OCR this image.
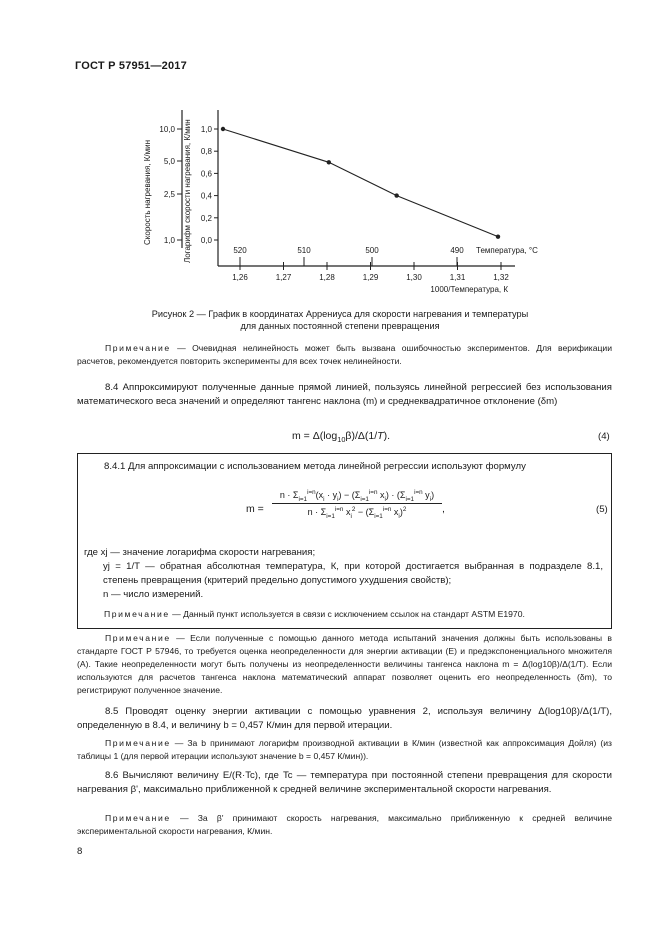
ГОСТ Р 57951—2017
10,0
5,0
2,5
1,0
1,0
0,8
0,6
0,4
0,2
0,0
Скорость нагревания, К/мин	Логарифм скорости нагревания, К/мин
1,26	1,27	1,28	1,29	1,30	1,31	1,32
1000/Температура, К
520	510	500	490 Температура, °С
Рисунок 2 — График в координатах Аррениуса для скорости нагревания и температуры
для данных постоянной степени превращения
Примечание — Очевидная нелинейность может быть вызвана ошибочностью экспериментов. Для верификации расчетов, рекомендуется повторить эксперименты для всех точек нелинейности.
8.4 Аппроксимируют полученные данные прямой линией, пользуясь линейной регрессией без использования математического веса значений и определяют тангенс наклона (m) и среднеквадратичное отклонение (δm)
$m = \Delta(\log_{10}\beta)/\Delta(1/T)$.	(4)
8.4.1 Для аппроксимации с использованием метода линейной регрессии используют формулу
m =
$n \cdot \Sigma_{i=1}^{i=n}(x_i \cdot y_i) - (\Sigma_{i=1}^{i=n}$ $x_i) \cdot (\Sigma_{i=1}^{i=n}$ $y_i$)
$n \cdot \Sigma_{i=1}^{i=n}$ $x_i^2 - (\Sigma_{i=1}^{i=n}$ $x_i)^2$	,	(5)
где xj — значение логарифма скорости нагревания;
yj = 1/T — обратная абсолютная температура, К, при которой достигается выбранная в подразделе 8.1, степень превращения (критерий предельно допустимого ухудшения свойств);
n — число измерений.
Примечание — Данный пункт используется в связи с исключением ссылок на стандарт ASTM E1970.
Примечание — Если полученные с помощью данного метода испытаний значения должны быть использованы в стандарте ГОСТ Р 57946, то требуется оценка неопределенности для энергии активации (E) и предэкспоненциального множителя (A). Такие неопределенности могут быть получены из неопределенности величины тангенса наклона m = Δ(log10β)/Δ(1/T). Если используются для расчетов тангенса наклона математический аппарат позволяет оценить его неопределенность (δm), то регистрируют полученное значение.
8.5 Проводят оценку энергии активации с помощью уравнения 2, используя величину Δ(log10β)/Δ(1/T), определенную в 8.4, и величину b = 0,457 К/мин для первой итерации.
Примечание — За b принимают логарифм производной активации в К/мин (известной как аппроксимация Дойля) (из таблицы 1 (для первой итерации используют значение b = 0,457 К/мин)).
8.6 Вычисляют величину E/(R·Tc), где Tc — температура при постоянной степени превращения для скорости нагревания β', максимально приближенной к средней величине экспериментальной скорости нагревания.
Примечание — За β' принимают скорость нагревания, максимально приближенную к средней величине экспериментальной скорости нагревания, К/мин.
8
